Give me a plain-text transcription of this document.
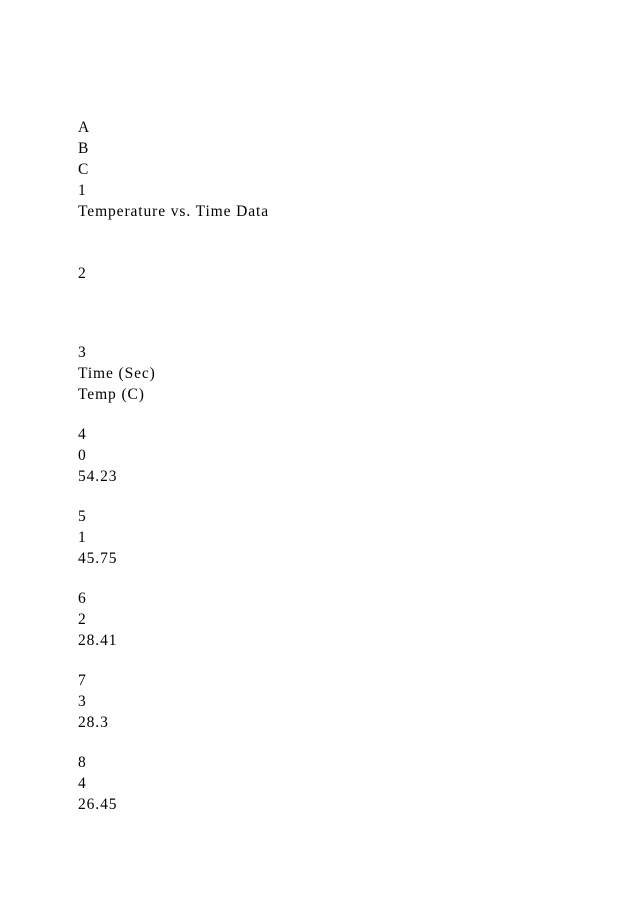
A
B
C
1
Temperature vs. Time Data
2
3
Time (Sec)
Temp (C)
4
0
54.23
5
1
45.75
6
2
28.41
7
3
28.3
8
4
26.45
